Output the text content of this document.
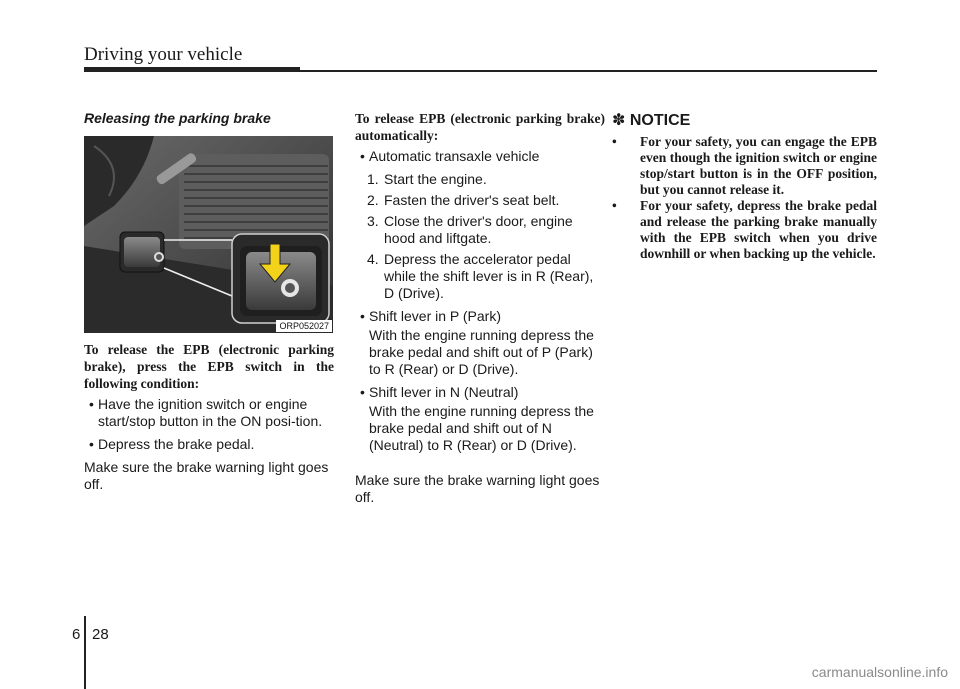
Driving your vehicle
Releasing the parking brake
ORP052027

To release the EPB (electronic parking brake), press the EPB switch in the following condition:

• Have the ignition switch or engine start/stop button in the ON posi-tion.
• Depress the brake pedal.

Make sure the brake warning light goes off.

To release EPB (electronic parking brake) automatically:

• Automatic transaxle vehicle
1. Start the engine.
2. Fasten the driver's seat belt.
3. Close the driver's door, engine hood and liftgate.
4. Depress the accelerator pedal while the shift lever is in R (Rear), D (Drive).
• Shift lever in P (Park)

With the engine running depress the brake pedal and shift out of P (Park) to R (Rear) or D (Drive).

• Shift lever in N (Neutral)

With the engine running depress the brake pedal and shift out of N (Neutral) to R (Rear) or D (Drive).

Make sure the brake warning light goes off.

✽ NOTICE
• For your safety, you can engage the EPB even though the ignition switch or engine stop/start button is in the OFF position, but you cannot release it.
• For your safety, depress the brake pedal and release the parking brake manually with the EPB switch when you drive downhill or when backing up the vehicle.
6 28
carmanualsonline.info
